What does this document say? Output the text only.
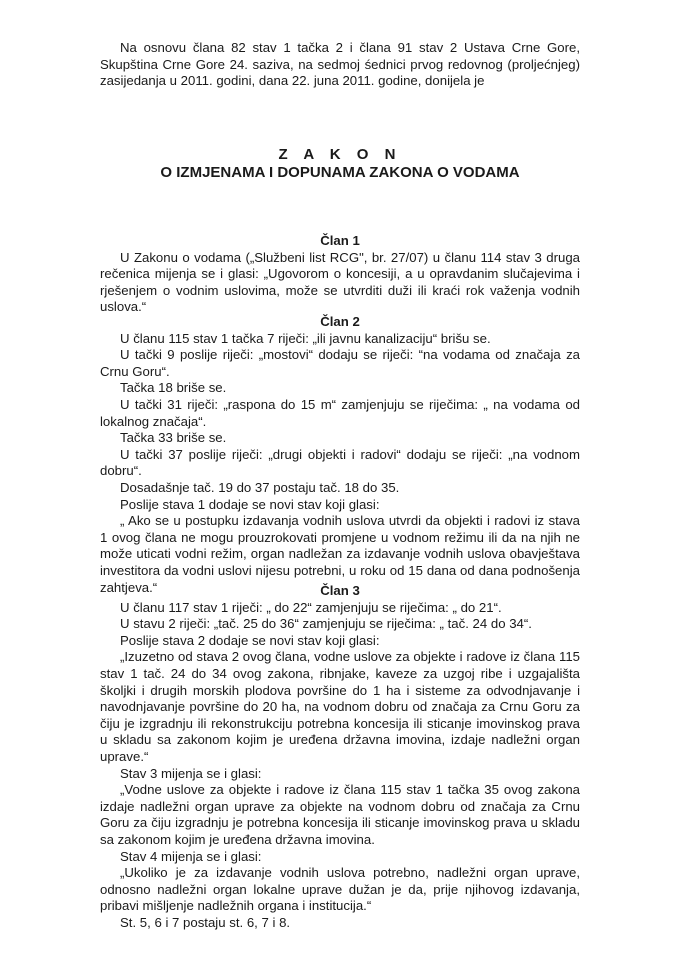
Na osnovu člana 82 stav 1 tačka 2 i člana 91 stav 2 Ustava Crne Gore, Skupština Crne Gore 24. saziva, na sedmoj śednici prvog redovnog (proljećnjeg) zasijedanja u 2011. godini, dana 22. juna 2011. godine, donijela je

Z A K O N
O IZMJENAMA I DOPUNAMA ZAKONA O VODAMA

Član 1

U Zakonu o vodama („Službeni list RCG", br. 27/07) u članu 114 stav 3 druga rečenica mijenja se i glasi: „Ugovorom o koncesiji, a u opravdanim slučajevima i rješenjem o vodnim uslovima, može se utvrditi duži ili kraći rok važenja vodnih uslova.“

Član 2

U članu 115 stav 1 tačka 7 riječi: „ili javnu kanalizaciju“ brišu se.

U tački 9 poslije riječi: „mostovi“ dodaju se riječi: “na vodama od značaja za Crnu Goru“.

Tačka 18 briše se.

U tački 31 riječi: „raspona do 15 m“ zamjenjuju se riječima: „ na vodama od lokalnog značaja“.

Tačka 33 briše se.

U tački 37 poslije riječi: „drugi objekti i radovi“ dodaju se riječi: „na vodnom dobru“.

Dosadašnje tač. 19 do 37 postaju tač. 18 do 35.

Poslije stava 1 dodaje se novi stav koji glasi:

„ Ako se u postupku izdavanja vodnih uslova utvrdi da objekti i radovi iz stava 1 ovog člana ne mogu prouzrokovati promjene u vodnom režimu ili da na njih ne može uticati vodni režim, organ nadležan za izdavanje vodnih uslova obavještava investitora da vodni uslovi nijesu potrebni, u roku od 15 dana od dana podnošenja zahtjeva.“	Član 3

U članu 117 stav 1 riječi: „ do 22“ zamjenjuju se riječima: „ do 21“.

U stavu 2 riječi: „tač. 25 do 36“ zamjenjuju se riječima: „ tač. 24 do 34“.

Poslije stava 2 dodaje se novi stav koji glasi:

„Izuzetno od stava 2 ovog člana, vodne uslove za objekte i radove iz člana 115 stav 1 tač. 24 do 34 ovog zakona, ribnjake, kaveze za uzgoj ribe i uzgajališta školjki i drugih morskih plodova površine do 1 ha i sisteme za odvodnjavanje i navodnjavanje površine do 20 ha, na vodnom dobru od značaja za Crnu Goru za čiju je izgradnju ili rekonstrukciju potrebna koncesija ili sticanje imovinskog prava u skladu sa zakonom kojim je uređena državna imovina, izdaje nadležni organ uprave.“

Stav 3 mijenja se i glasi:

„Vodne uslove za objekte i radove iz člana 115 stav 1 tačka 35 ovog zakona izdaje nadležni organ uprave za objekte na vodnom dobru od značaja za Crnu Goru za čiju izgradnju je potrebna koncesija ili sticanje imovinskog prava u skladu sa zakonom kojim je uređena državna imovina.

Stav 4 mijenja se i glasi:

„Ukoliko je za izdavanje vodnih uslova potrebno, nadležni organ uprave, odnosno nadležni organ lokalne uprave dužan je da, prije njihovog izdavanja, pribavi mišljenje nadležnih organa i institucija.“

St. 5, 6 i 7 postaju st. 6, 7 i 8.
